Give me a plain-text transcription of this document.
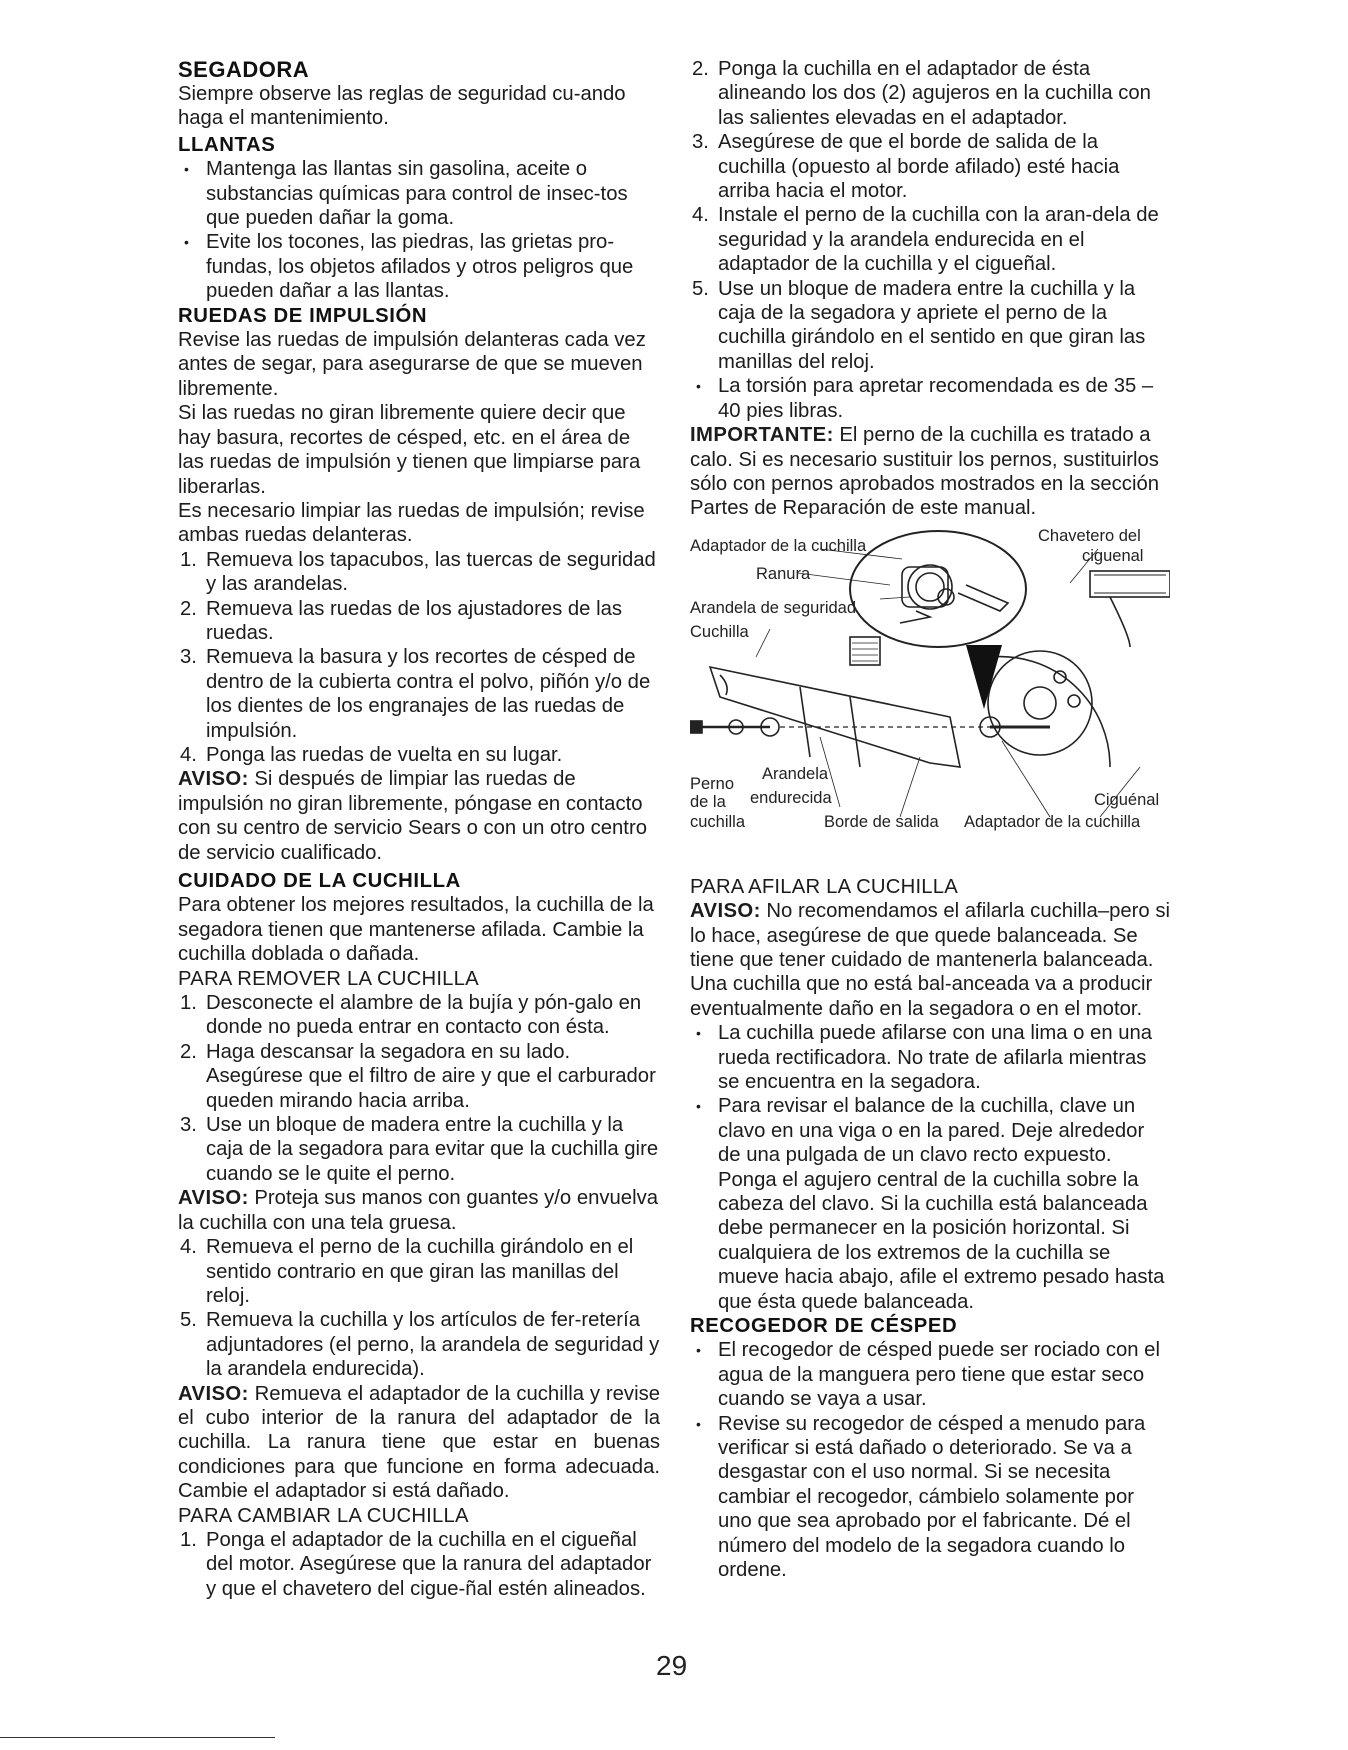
SEGADORA

Siempre observe las reglas de seguridad cu-ando haga el mantenimiento.

LLANTAS

• Mantenga las llantas sin gasolina, aceite o substancias químicas para control de insec-tos que pueden dañar la goma.
• Evite los tocones, las piedras, las grietas pro-fundas, los objetos afilados y otros peligros que pueden dañar a las llantas.

RUEDAS DE IMPULSIÓN

Revise las ruedas de impulsión delanteras cada vez antes de segar, para asegurarse de que se mueven libremente.

Si las ruedas no giran libremente quiere decir que hay basura, recortes de césped, etc. en el área de las ruedas de impulsión y tienen que limpiarse para liberarlas.

Es necesario limpiar las ruedas de impulsión; revise ambas ruedas delanteras.

1. Remueva los tapacubos, las tuercas de seguridad y las arandelas.
2. Remueva las ruedas de los ajustadores de las ruedas.
3. Remueva la basura y los recortes de césped de dentro de la cubierta contra el polvo, piñón y/o de los dientes de los engranajes de las ruedas de impulsión.
4. Ponga las ruedas de vuelta en su lugar.

AVISO: Si después de limpiar las ruedas de impulsión no giran libremente, póngase en contacto con su centro de servicio Sears o con un otro centro de servicio cualificado.

CUIDADO DE LA CUCHILLA

Para obtener los mejores resultados, la cuchilla de la segadora tienen que mantenerse afilada. Cambie la cuchilla doblada o dañada.

PARA REMOVER LA CUCHILLA

1. Desconecte el alambre de la bujía y pón-galo en donde no pueda entrar en contacto con ésta.
2. Haga descansar la segadora en su lado. Asegúrese que el filtro de aire y que el carburador queden mirando hacia arriba.
3. Use un bloque de madera entre la cuchilla y la caja de la segadora para evitar que la cuchilla gire cuando se le quite el perno.

AVISO: Proteja sus manos con guantes y/o envuelva la cuchilla con una tela gruesa.

4. Remueva el perno de la cuchilla girándolo en el sentido contrario en que giran las manillas del reloj.
5. Remueva la cuchilla y los artículos de fer-retería adjuntadores (el perno, la arandela de seguridad y la arandela endurecida).

AVISO: Remueva el adaptador de la cuchilla y revise el cubo interior de la ranura del adaptador de la cuchilla. La ranura tiene que estar en buenas condiciones para que funcione en forma adecuada. Cambie el adaptador si está dañado.

PARA CAMBIAR LA CUCHILLA

1. Ponga el adaptador de la cuchilla en el cigueñal del motor. Asegúrese que la ranura del adaptador y que el chavetero del cigue-ñal estén alineados.
2. Ponga la cuchilla en el adaptador de ésta alineando los dos (2) agujeros en la cuchilla con las salientes elevadas en el adaptador.
3. Asegúrese de que el borde de salida de la cuchilla (opuesto al borde afilado) esté hacia arriba hacia el motor.
4. Instale el perno de la cuchilla con la aran-dela de seguridad y la arandela endurecida en el adaptador de la cuchilla y el cigueñal.
5. Use un bloque de madera entre la cuchilla y la caja de la segadora y apriete el perno de la cuchilla girándolo en el sentido en que giran las manillas del reloj.
• La torsión para apretar recomendada es de 35 – 40 pies libras.

IMPORTANTE: El perno de la cuchilla es tratado a calo. Si es necesario sustituir los pernos, sustituirlos sólo con pernos aprobados mostrados en la sección Partes de Reparación de este manual.

Adaptador de la cuchilla
Chavetero del
ciguenal
Ranura
Arandela de seguridad
Cuchilla
Perno
de la
cuchilla
Arandela
endurecida
Borde de salida Adaptador de la cuchilla
Ciguénal

PARA AFILAR LA CUCHILLA

AVISO: No recomendamos el afilarla cuchilla–pero si lo hace, asegúrese de que quede balanceada. Se tiene que tener cuidado de mantenerla balanceada. Una cuchilla que no está bal-anceada va a producir eventualmente daño en la segadora o en el motor.

• La cuchilla puede afilarse con una lima o en una rueda rectificadora. No trate de afilarla mientras se encuentra en la segadora.
• Para revisar el balance de la cuchilla, clave un clavo en una viga o en la pared. Deje alrededor de una pulgada de un clavo recto expuesto. Ponga el agujero central de la cuchilla sobre la cabeza del clavo. Si la cuchilla está balanceada debe permanecer en la posición horizontal. Si cualquiera de los extremos de la cuchilla se mueve hacia abajo, afile el extremo pesado hasta que ésta quede balanceada.

RECOGEDOR DE CÉSPED

• El recogedor de césped puede ser rociado con el agua de la manguera pero tiene que estar seco cuando se vaya a usar.
• Revise su recogedor de césped a menudo para verificar si está dañado o deteriorado. Se va a desgastar con el uso normal. Si se necesita cambiar el recogedor, cámbielo solamente por uno que sea aprobado por el fabricante. Dé el número del modelo de la segadora cuando lo ordene.
29
